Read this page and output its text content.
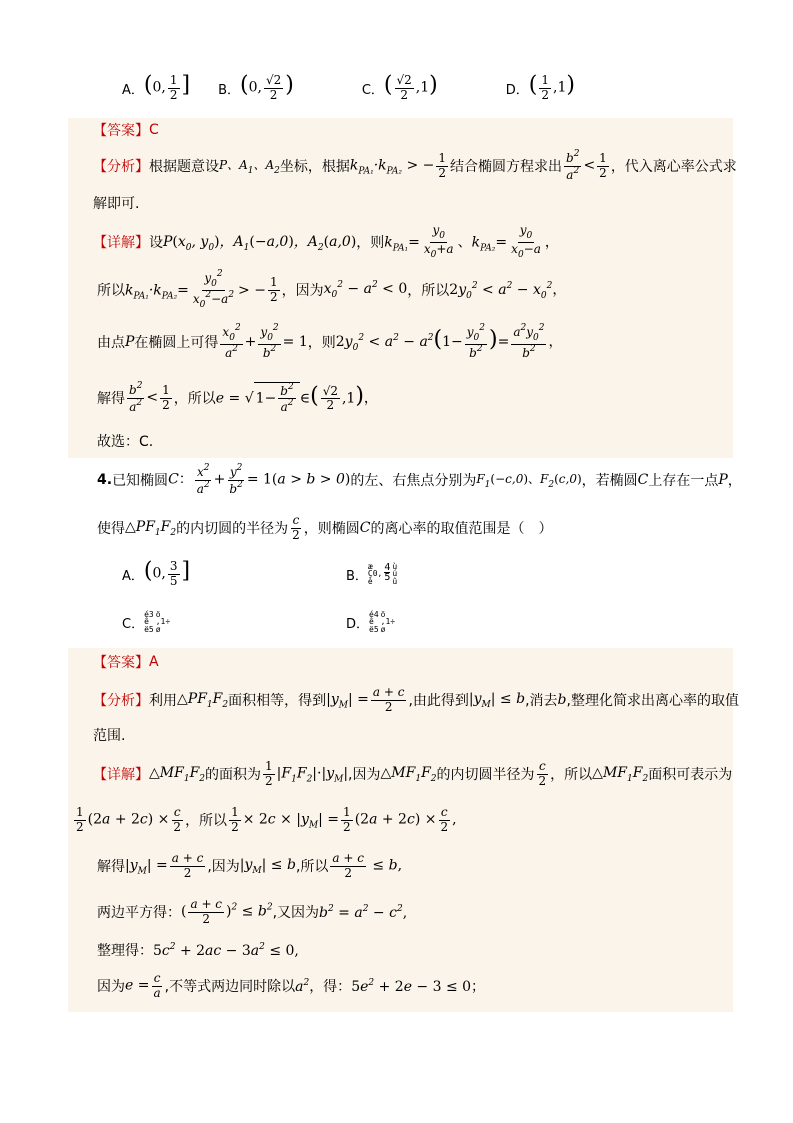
A． (0, $\frac{1}{2}$ ] B． (0, $\frac{√2}{2}$ )	C． ( $\frac{√2}{2} ,1$)	D． ( $\frac{1}{2} ,1$)
【答案】 C
【分析】 根据题意设 P、$A_1$、$A_2$ 坐标，根据 $k_{PA_1}\cdot k_{PA_2}$ > − $\frac{1}{2}$ 结合椭圆方程求出 $\frac{b^2}{a^2} < \frac{1}{2}$ ，代入离心率公式求
解即可.
【详解】 设 $P(x_0$, $y_0$)，$A_1(-a,0)$，$A_2(a,0)$ ，则 $k_{PA_1}= \frac{y_0}{x_0+a}$ 、$k_{PA_2}= \frac{y_0}{x_0-a}$ ，
所以 $k_{PA_1}\cdot k_{PA_2}= \frac{y_0^2}{x_0^2-a^2}$ > − $\frac{1}{2}$ ，因为 $x_0^2 - a^2 < 0$ ，所以 $2y_0^2 < a^2 - x_0^2$，
由点 P 在椭圆上可得 $\frac{x_0^2}{a^2} + \frac{y_0^2}{b^2} = 1$ ，则 $2y_0^2 < a^2 - a^2(1- \frac{y_0^2}{b^2}$ )= $\frac{a^2y_0^2}{b^2}$ ，
解得 $\frac{b^2}{a^2} < \frac{1}{2}$ ，所以 e = √ $1- \frac{b^2}{a^2}$ ∈( $\frac{√2}{2} ,1$)，
故选：C.
4. 已知椭圆 C： $\frac{x^2}{a^2} + \frac{y^2}{b^2} = 1(a > b > 0)$ 的左、右焦点分别为 $F_1(-c,0)$、$F_2(c,0)$ ，若椭圆 C 上存在一点 P ，
使得 $\triangle PF_1F_2$ 的内切圆的半径为 $\frac{c}{2}$ ，则椭圆 C 的离心率的取值范围是（　）
A． (0, $\frac{3}{5}$ ]	B．
æ
Ç0,
è
4
5
ù
ú
û
C．
é3
ê
ë5
ö
,1÷
ø	D．
é4
ê
ë5
ö
,1÷
ø
【答案】 A
【分析】 利用 $\triangle PF_1F_2$ 面积相等，得到 $|y_M| = \frac{a + c}{2}$ ,由此得到 $|y_M| \le b$ ,消去 b ,整理化简求出离心率的取值
范围.
【详解】 $\triangle MF_1F_2$ 的面积为 $\frac{1}{2} |F_1F_2|\cdot|y_M|$ ,因为 $\triangle MF_1F_2$ 的内切圆半径为 $\frac{c}{2}$ ，所以 $\triangle MF_1F_2$ 面积可表示为
$\frac{1}{2} (2a + 2c) \times \frac{c}{2}$ ，所以 $\frac{1}{2} \times 2c \times |y_M| = \frac{1}{2} (2a + 2c) \times \frac{c}{2}$ ,
解得 $|y_M| = \frac{a + c}{2}$ ,因为 $|y_M| \le b$ ,所以 $\frac{a + c}{2} \le b$,
两边平方得： ( $\frac{a + c}{2} )^2 \le b^2$ ,又因为 $b^2 = a^2 - c^2$,
整理得： $5c^2 + 2ac - 3a^2 \le 0$,
因为 $e = \frac{c}{a}$ ,不等式两边同时除以 $a^2$ ，得： $5e^2 + 2e - 3 \le 0$；
